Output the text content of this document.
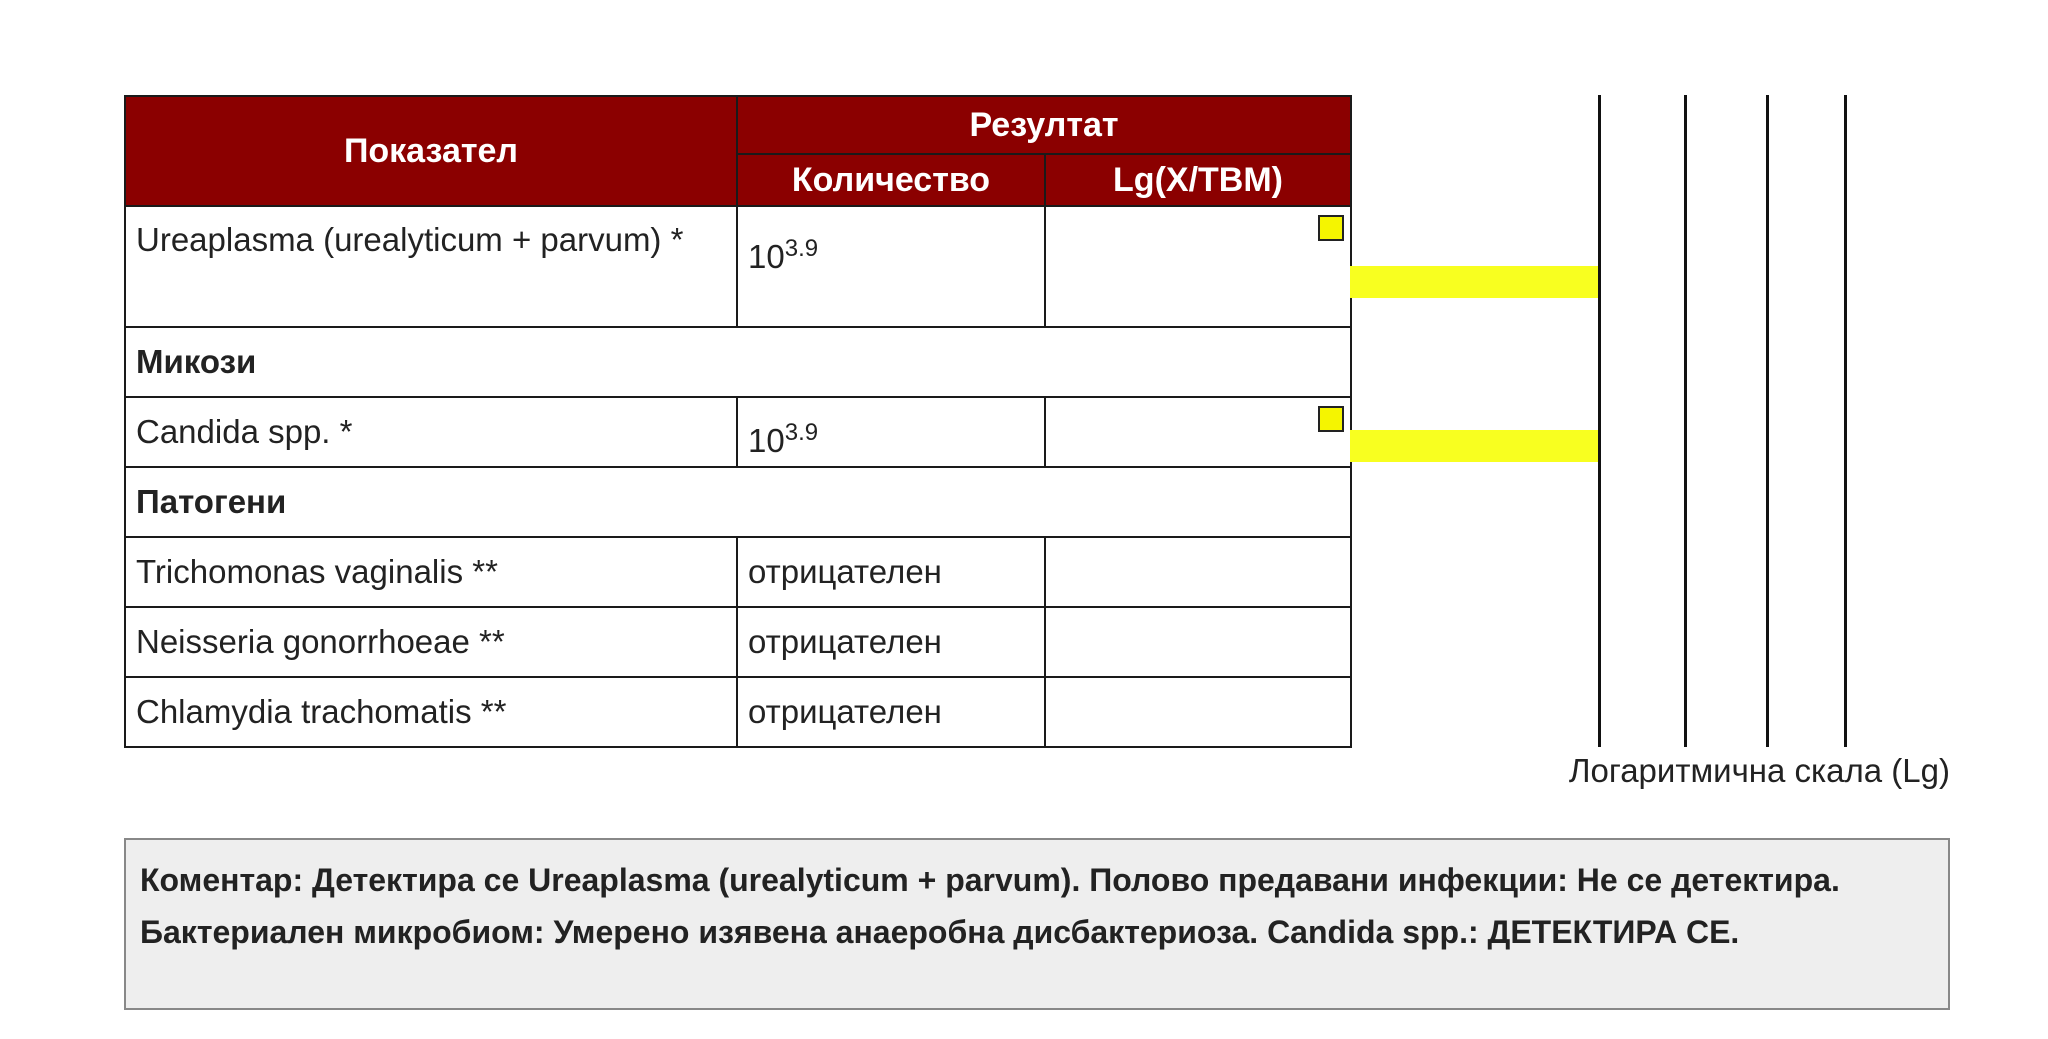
Показател	Резултат	
	Количество	Lg(X/ТВМ)
Ureaplasma (urealyticum + parvum) *	$10^{3.9}$	

Микози		
Candida spp. *	$10^{3.9}$	

Патогени		
Trichomonas vaginalis **	отрицателен	
Neisseria gonorrhoeae **	отрицателен	
Chlamydia trachomatis **	отрицателен	
Логаритмична скала (Lg)
Коментар: Детектира се Ureaplasma (urealyticum + parvum). Полово предавани инфекции: Не се детектира. Бактериален микробиом: Умерено изявена анаеробна дисбактериоза. Candida spp.: ДЕТЕКТИРА СЕ.
